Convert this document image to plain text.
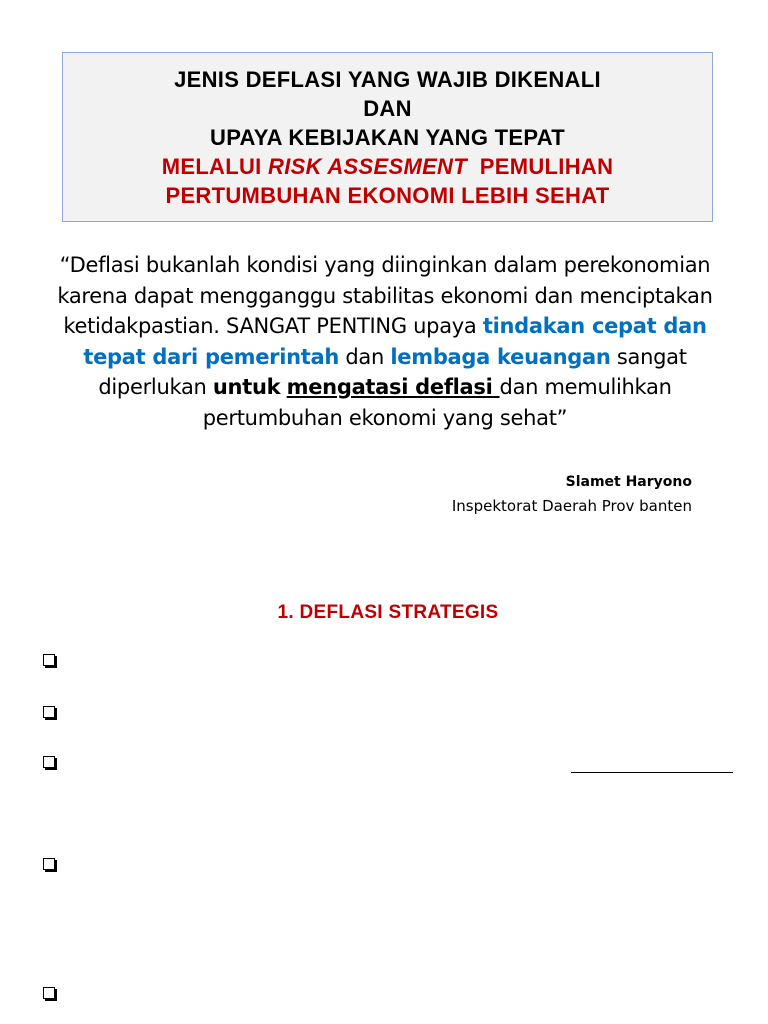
JENIS DEFLASI YANG WAJIB DIKENALI
DAN
UPAYA KEBIJAKAN YANG TEPAT
MELALUI RISK ASSESMENT  PEMULIHAN
PERTUMBUHAN EKONOMI LEBIH SEHAT
“Deflasi bukanlah kondisi yang diinginkan dalam perekonomian karena dapat mengganggu stabilitas ekonomi dan menciptakan ketidakpastian. SANGAT PENTING upaya tindakan cepat dan tepat dari pemerintah dan lembaga keuangan sangat diperlukan untuk mengatasi deflasi dan memulihkan pertumbuhan ekonomi yang sehat”
Slamet Haryono
Inspektorat Daerah Prov banten
1. DEFLASI STRATEGIS
